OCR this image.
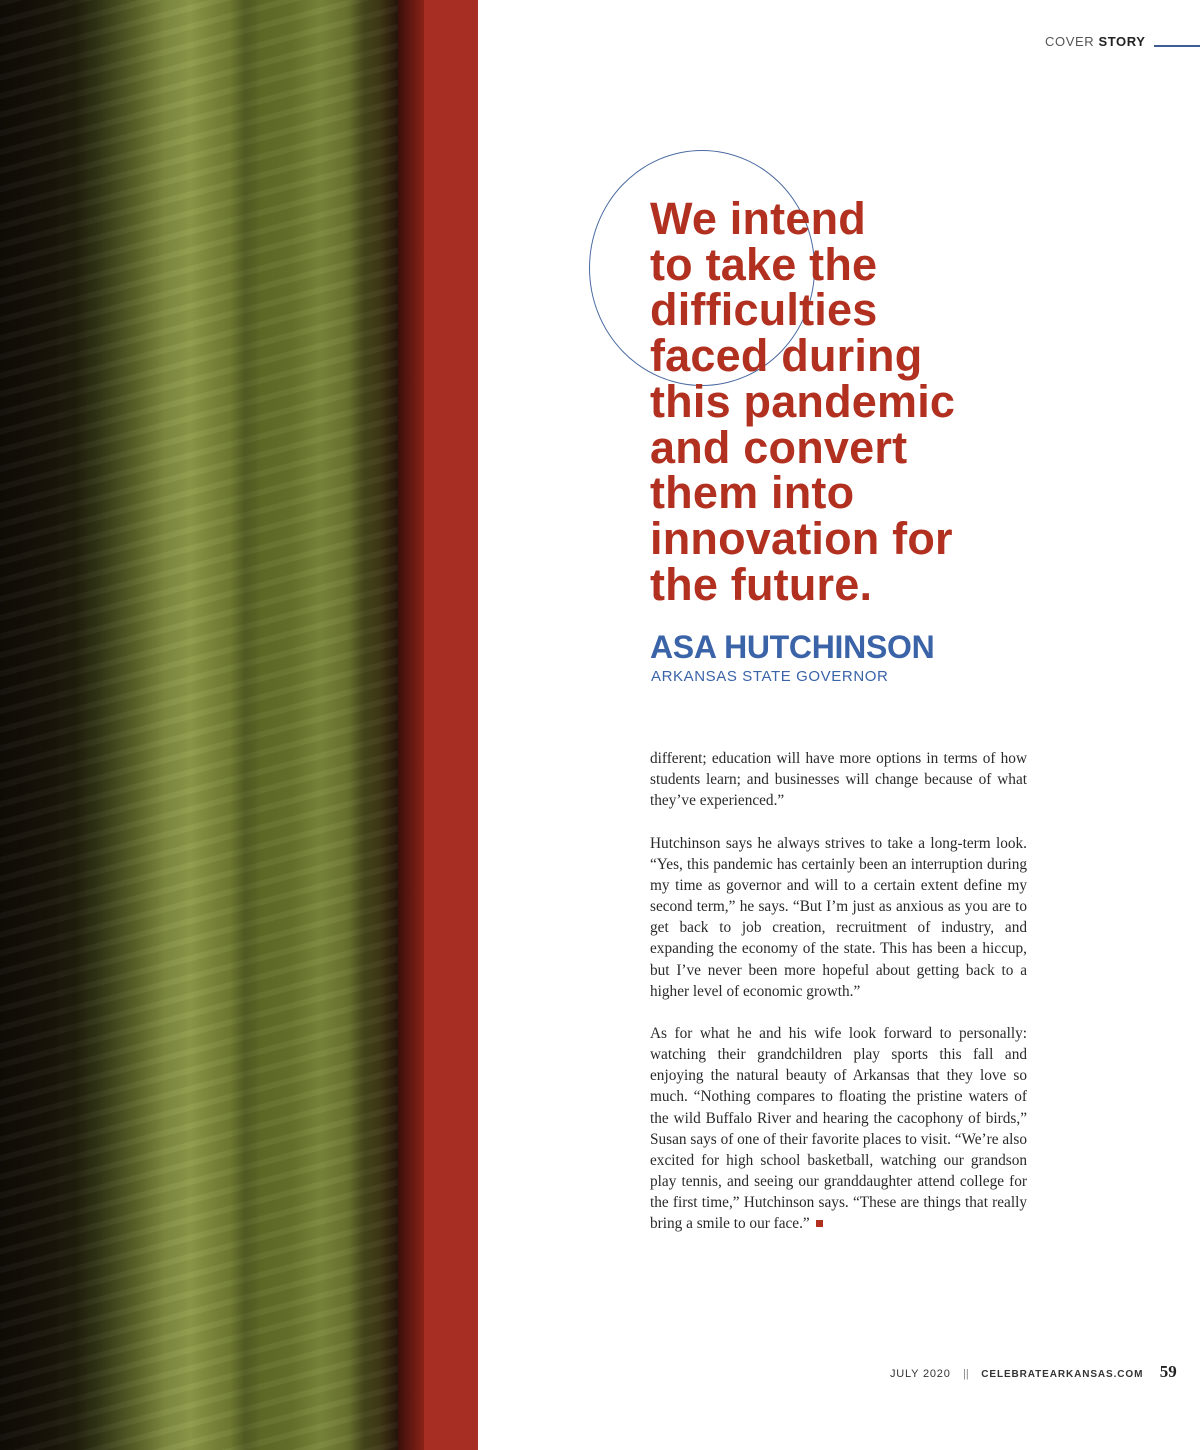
COVER STORY
We intend
to take the
difficulties
faced during
this pandemic
and convert
them into
innovation for
the future.
ASA HUTCHINSON
ARKANSAS STATE GOVERNOR

different; education will have more options in terms of how students learn; and businesses will change because of what they’ve experienced.”

Hutchinson says he always strives to take a long-term look. “Yes, this pandemic has certainly been an interruption during my time as governor and will to a certain extent define my second term,” he says. “But I’m just as anxious as you are to get back to job creation, recruitment of industry, and expanding the economy of the state. This has been a hiccup, but I’ve never been more hopeful about getting back to a higher level of economic growth.”

As for what he and his wife look forward to personally: watching their grandchildren play sports this fall and enjoying the natural beauty of Arkansas that they love so much. “Nothing compares to floating the pristine waters of the wild Buffalo River and hearing the cacophony of birds,” Susan says of one of their favorite places to visit. “We’re also excited for high school basketball, watching our grandson play tennis, and seeing our granddaughter attend college for the first time,” Hutchinson says. “These are things that really bring a smile to our face.”

JULY 2020 || CELEBRATEARKANSAS.COM 59
